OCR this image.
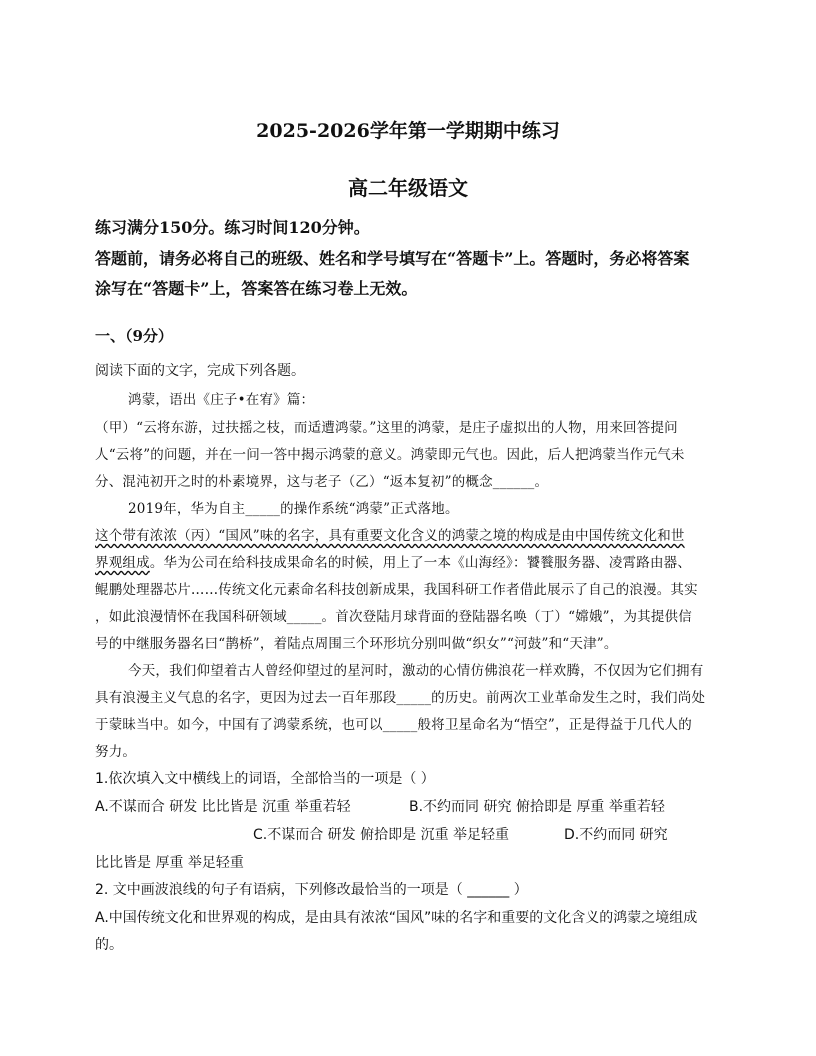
2025-2026学年第一学期期中练习
高二年级语文
练习满分150分。练习时间120分钟。
答题前，请务必将自己的班级、姓名和学号填写在“答题卡”上。答题时，务必将答案
涂写在“答题卡”上，答案答在练习卷上无效。
一、（9分）
阅读下面的文字，完成下列各题。
鸿蒙，语出《庄子•在宥》篇：
（甲）“云将东游，过扶摇之枝，而适遭鸿蒙。”这里的鸿蒙，是庄子虚拟出的人物，用来回答提问
人“云将”的问题，并在一问一答中揭示鸿蒙的意义。鸿蒙即元气也。因此，后人把鸿蒙当作元气未
分、混沌初开之时的朴素境界，这与老子（乙）“返本复初”的概念______。
2019年，华为自主_____的操作系统“鸿蒙”正式落地。
这个带有浓浓（丙）“国风”味的名字，具有重要文化含义的鸿蒙之境的构成是由中国传统文化和世
界观组成。华为公司在给科技成果命名的时候，用上了一本《山海经》：饕餮服务器、凌霄路由器、
鲲鹏处理器芯片……传统文化元素命名科技创新成果，我国科研工作者借此展示了自己的浪漫。其实
，如此浪漫情怀在我国科研领域_____。首次登陆月球背面的登陆器名唤（丁）“嫦娥”，为其提供信
号的中继服务器名曰“鹊桥”，着陆点周围三个环形坑分别叫做“织女”“河鼓”和“天津”。
今天，我们仰望着古人曾经仰望过的星河时，激动的心情仿佛浪花一样欢腾，不仅因为它们拥有
具有浪漫主义气息的名字，更因为过去一百年那段_____的历史。前两次工业革命发生之时，我们尚处
于蒙昧当中。如今，中国有了鸿蒙系统，也可以_____般将卫星命名为“悟空”，正是得益于几代人的
努力。
1.依次填入文中横线上的词语，全部恰当的一项是（ ）
A.不谋而合 研发 比比皆是 沉重 举重若轻	B.不约而同 研究 俯拾即是 厚重 举重若轻
C.不谋而合 研发 俯拾即是 沉重 举足轻重	D.不约而同 研究
比比皆是 厚重 举足轻重
2. 文中画波浪线的句子有语病，下列修改最恰当的一项是（ ______ ）
A.中国传统文化和世界观的构成，是由具有浓浓“国风”味的名字和重要的文化含义的鸿蒙之境组成
的。
